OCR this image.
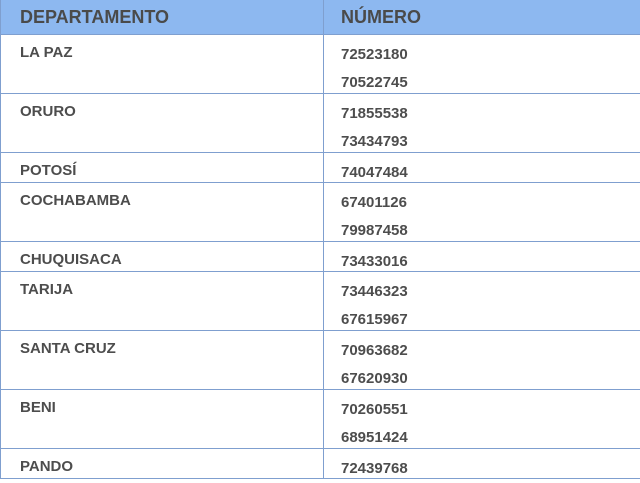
DEPARTAMENTO	NÚMERO
LA PAZ	72523180
70522745
ORURO	71855538
73434793
POTOSÍ	74047484
COCHABAMBA	67401126
79987458
CHUQUISACA	73433016
TARIJA	73446323
67615967
SANTA CRUZ	70963682
67620930
BENI	70260551
68951424
PANDO	72439768
